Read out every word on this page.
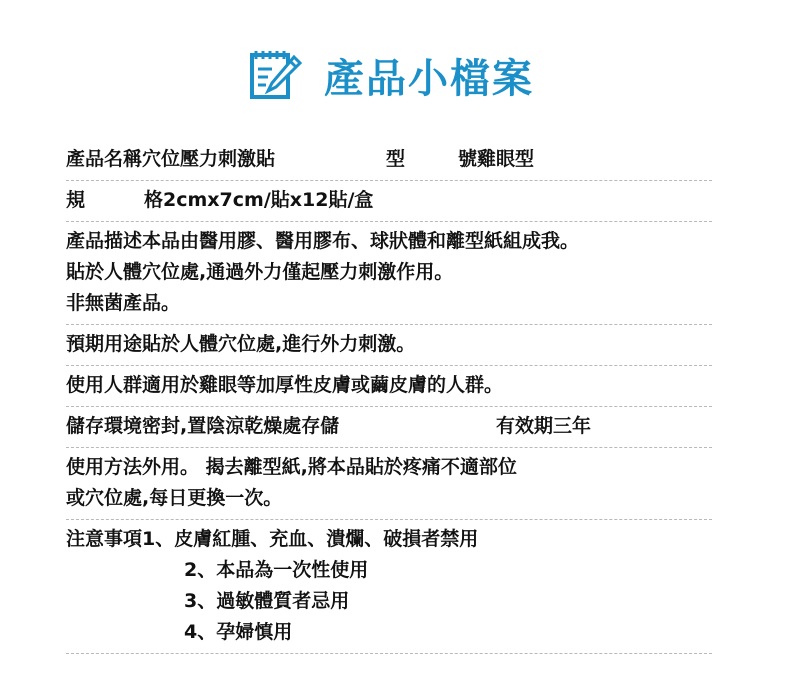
產品小檔案
產品名稱穴位壓力刺激貼	型	號 雞眼型
規	格 2cmx7cm/貼x12貼/盒
產品描述本品由醫用膠、醫用膠布、球狀體和離型紙組成我。
貼於人體穴位處,通過外力僅起壓力刺激作用。
非無菌產品。
預期用途貼於人體穴位處,進行外力刺激。
使用人群適用於雞眼等加厚性皮膚或繭皮膚的人群。
儲存環境密封,置陰涼乾燥處存儲	有效期三年
使用方法外用。 揭去離型紙,將本品貼於疼痛不適部位
或穴位處,每日更換一次。
注意事項1、皮膚紅腫、充血、潰爛、破損者禁用
2、本品為一次性使用
3、過敏體質者忌用
4、孕婦慎用
